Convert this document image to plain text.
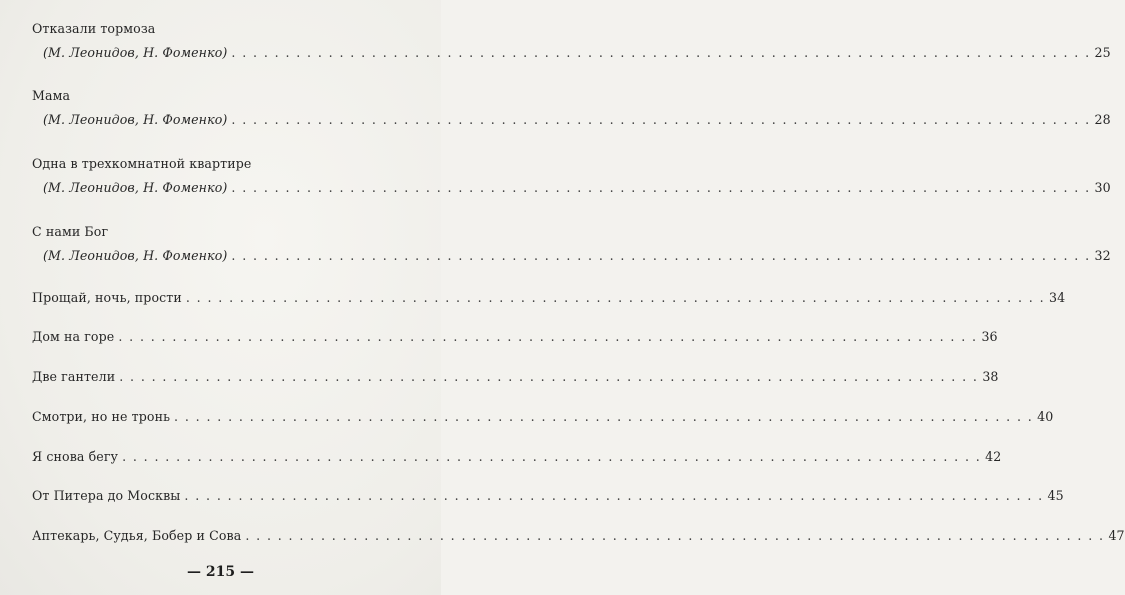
Отказали тормоза
(М. Леонидов, Н. Фоменко) . . . . . . . . . . . . . . . . . . . . . . . . . . . . . . . . . . . . . . . . . . . . . . . . . . . . . . . . . . . . . . . . . . . . . . . . . . . . . . . . 25
Мама
(М. Леонидов, Н. Фоменко) . . . . . . . . . . . . . . . . . . . . . . . . . . . . . . . . . . . . . . . . . . . . . . . . . . . . . . . . . . . . . . . . . . . . . . . . . . . . . . . . 28
Одна в трехкомнатной квартире
(М. Леонидов, Н. Фоменко) . . . . . . . . . . . . . . . . . . . . . . . . . . . . . . . . . . . . . . . . . . . . . . . . . . . . . . . . . . . . . . . . . . . . . . . . . . . . . . . . 30
С нами Бог
(М. Леонидов, Н. Фоменко) . . . . . . . . . . . . . . . . . . . . . . . . . . . . . . . . . . . . . . . . . . . . . . . . . . . . . . . . . . . . . . . . . . . . . . . . . . . . . . . . 32
Прощай, ночь, прости . . . . . . . . . . . . . . . . . . . . . . . . . . . . . . . . . . . . . . . . . . . . . . . . . . . . . . . . . . . . . . . . . . . . . . . . . . . . . . . . 34
Дом на горе . . . . . . . . . . . . . . . . . . . . . . . . . . . . . . . . . . . . . . . . . . . . . . . . . . . . . . . . . . . . . . . . . . . . . . . . . . . . . . . . 36
Две гантели . . . . . . . . . . . . . . . . . . . . . . . . . . . . . . . . . . . . . . . . . . . . . . . . . . . . . . . . . . . . . . . . . . . . . . . . . . . . . . . . 38
Смотри, но не тронь . . . . . . . . . . . . . . . . . . . . . . . . . . . . . . . . . . . . . . . . . . . . . . . . . . . . . . . . . . . . . . . . . . . . . . . . . . . . . . . . 40
Я снова бегу . . . . . . . . . . . . . . . . . . . . . . . . . . . . . . . . . . . . . . . . . . . . . . . . . . . . . . . . . . . . . . . . . . . . . . . . . . . . . . . . 42
От Питера до Москвы . . . . . . . . . . . . . . . . . . . . . . . . . . . . . . . . . . . . . . . . . . . . . . . . . . . . . . . . . . . . . . . . . . . . . . . . . . . . . . . . 45
Аптекарь, Судья, Бобер и Сова . . . . . . . . . . . . . . . . . . . . . . . . . . . . . . . . . . . . . . . . . . . . . . . . . . . . . . . . . . . . . . . . . . . . . . . . . . . . . . . . 47
— 215 —
